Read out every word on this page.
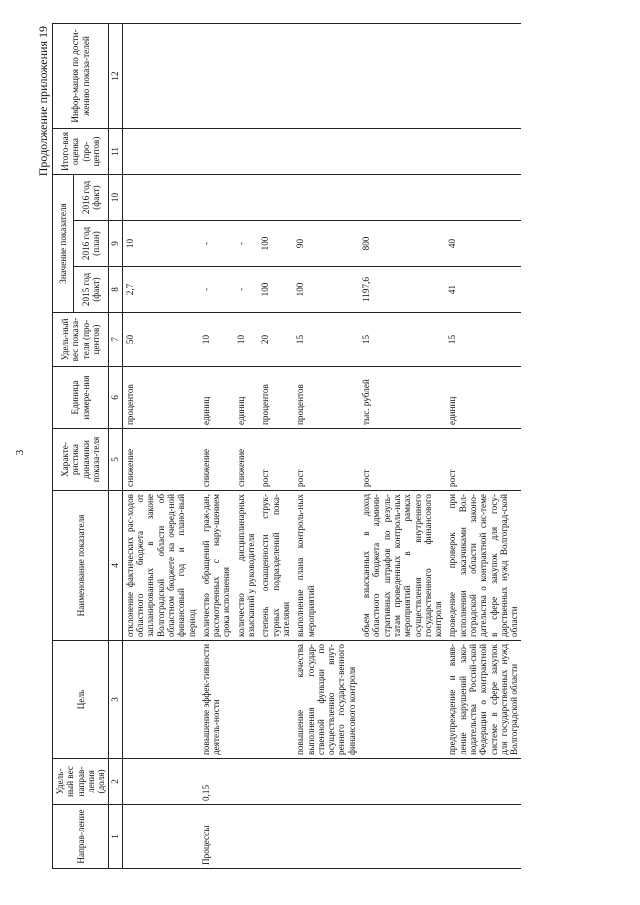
3
Продолжение приложения 19
Направ-ление	Удель-ный вес направ-ления (доля)	Цель	Наименование показателя	Характе-ристика динамики показа-теля	Единица измере-ния	Удель-ный вес показа-теля (про-центов)	Значение показателя			Итого-вая оценка (про-центов)	Инфор-мация по дости-жению показа-телей
							2015 год (факт)	2016 год (план)	2016 год (факт)		
1	2	3	4	5	6	7	8	9	10	11	12
			отклонение фактических рас-ходов областного бюджета от запланированных в законе Волгоградской области об областном бюджете на очеред-ной финансовый год и плано-вый период	снижение	процентов	50	2,7	10			
Процессы	0,15	повышение эффек-тивности деятель-ности	количество обращений граж-дан, рассмотренных с нару-шением срока исполнения	снижение	единиц	10	-	-			
			количество дисциплинарных взысканий у руководителя	снижение	единиц	10	-	-			
			степень оснащенности струк-турных подразделений пока-зателями	рост	процентов	20	100	100			
		повышение качества выполнения государ-ственной функции по осуществлению внут-реннего государст-венного финансового контроля	выполнение плана контроль-ных мероприятий	рост	процентов	15	100	90			
			объем взысканных в доход областного бюджета админи-стративных штрафов по резуль-татам проведенных контроль-ных мероприятий в рамках осуществления внутреннего государственного финансового контроля	рост	тыс. рублей	15	1197,6	800			
		предупреждение и выяв-ление нарушений зако-нодательства Россий-ской Федерации о контрактной системе в сфере закупок для государственных нужд Волгоградской области	проведение проверок при исполнении заказчиками Вол-гоградской области законо-дательства о контрактной сис-теме в сфере закупок для госу-дарственных нужд Волгоград-ской области	рост	единиц	15	41	40			
